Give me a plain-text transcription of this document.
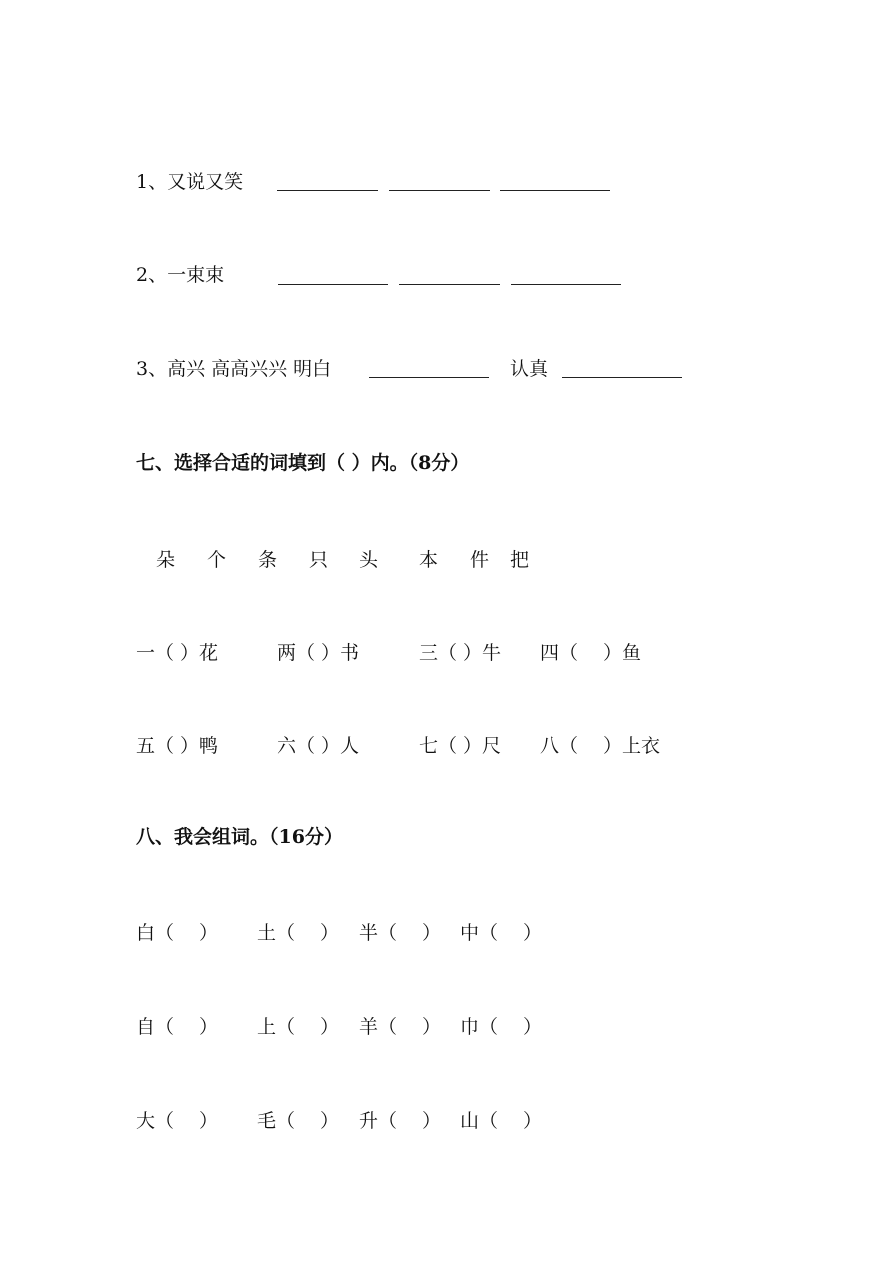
1、又说又笑
2、一束束
3、高兴 高高兴兴 明白	认真
七、选择合适的词填到（ ）内。（8分）
朵 个 条 只 头 本 件 把
一（ ）花	两（ ）书	三（ ）牛 四（　 ）鱼
五（ ）鸭	六（ ）人	七（ ）尺 八（　 ）上衣
八、我会组词。（16分）
白（　 ） 土（　 ） 半（　 ） 中（　 ）
自（　 ） 上（　 ） 羊（　 ） 巾（　 ）
大（　 ） 毛（　 ） 升（　 ） 山（　 ）
